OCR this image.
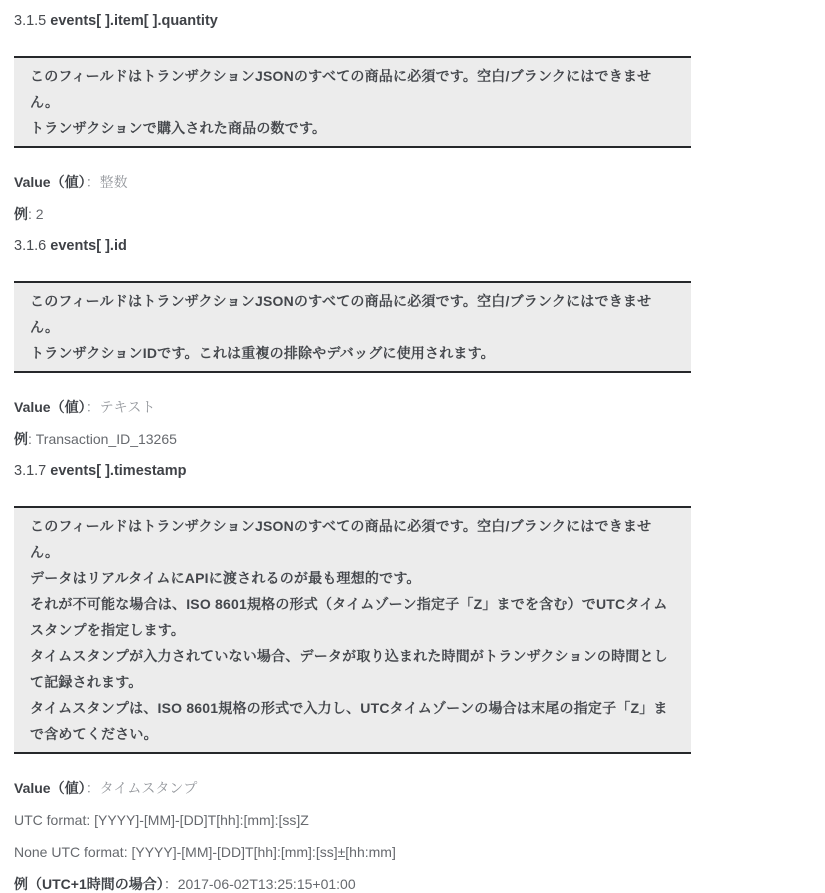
3.1.5 events[ ].item[ ].quantity

このフィールドはトランザクションJSONのすべての商品に必須です。空白/ブランクにはできません。

トランザクションで購入された商品の数です。

Value（値）：整数

例: 2

3.1.6 events[ ].id

このフィールドはトランザクションJSONのすべての商品に必須です。空白/ブランクにはできません。

トランザクションIDです。これは重複の排除やデバッグに使用されます。

Value（値）：テキスト

例: Transaction_ID_13265

3.1.7 events[ ].timestamp

このフィールドはトランザクションJSONのすべての商品に必須です。空白/ブランクにはできません。

データはリアルタイムにAPIに渡されるのが最も理想的です。

それが不可能な場合は、ISO 8601規格の形式（タイムゾーン指定子「Z」までを含む）でUTCタイムスタンプを指定します。

タイムスタンプが入力されていない場合、データが取り込まれた時間がトランザクションの時間として記録されます。

タイムスタンプは、ISO 8601規格の形式で入力し、UTCタイムゾーンの場合は末尾の指定子「Z」まで含めてください。

Value（値）：タイムスタンプ

UTC format: [YYYY]-[MM]-[DD]T[hh]:[mm]:[ss]Z

None UTC format: [YYYY]-[MM]-[DD]T[hh]:[mm]:[ss]±[hh:mm]

例（UTC+1時間の場合）：2017-06-02T13:25:15+01:00
